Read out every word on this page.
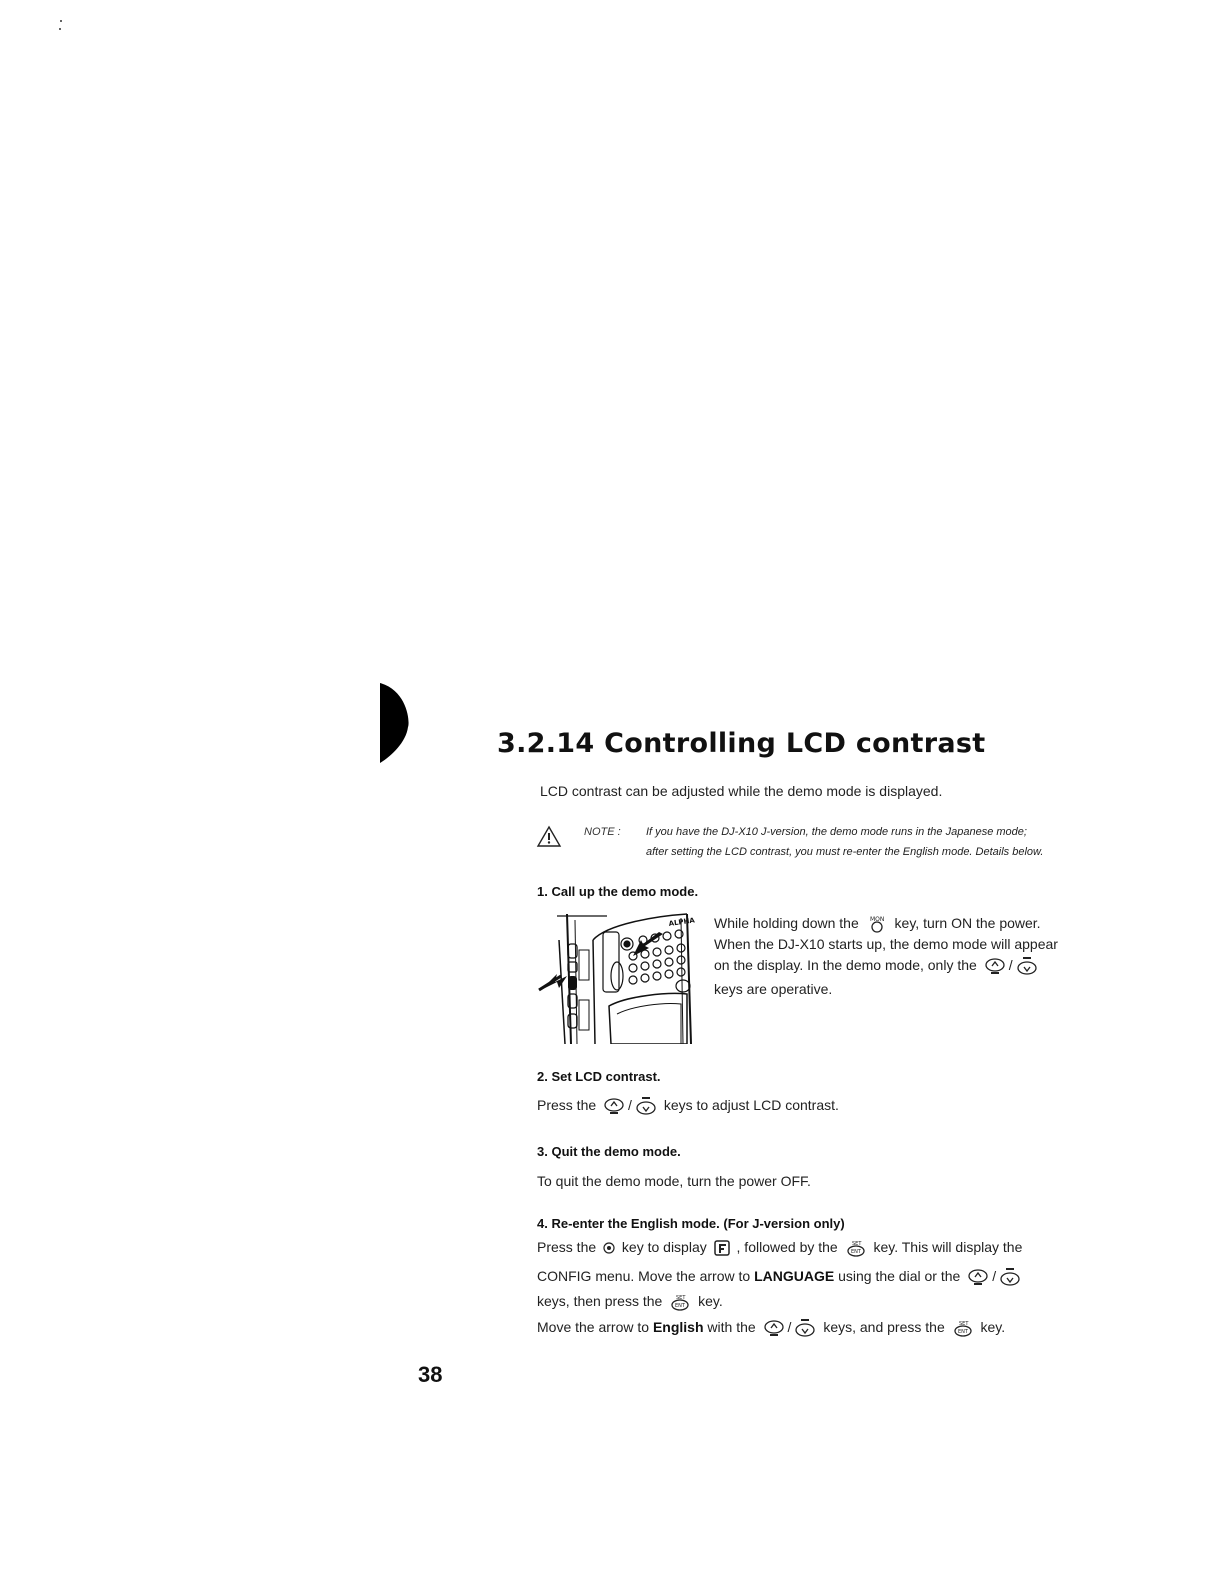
3.2.14 Controlling LCD contrast
LCD contrast can be adjusted while the demo mode is displayed.
NOTE : If you have the DJ-X10 J-version, the demo mode runs in the Japanese mode;
after setting the LCD contrast, you must re-enter the English mode. Details below.
1. Call up the demo mode.
ALPHA While holding down the MON key, turn ON the power.
When the DJ-X10 starts up, the demo mode will appear
on the display. In the demo mode, only the /
keys are operative.
2. Set LCD contrast.
Press the / keys to adjust LCD contrast.
3. Quit the demo mode.
To quit the demo mode, turn the power OFF.
4. Re-enter the English mode. (For J-version only)
Press the key to display , followed by the	SET
ENT key. This will display the
CONFIG menu. Move the arrow to LANGUAGE using the dial or the /
keys, then press the	SET
ENT key.
Move the arrow to English with the / keys, and press the	SET
ENT key.
38
